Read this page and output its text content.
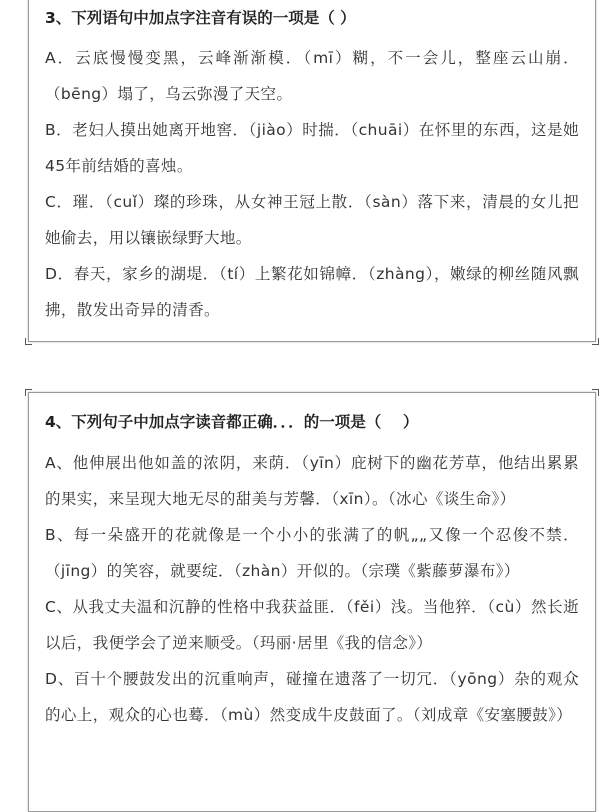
3、下列语句中加点字注音有误的一项是（ ）

A．云底慢慢变黑，云峰渐渐模．（mī）糊，不一会儿，整座云山崩．（bēng）塌了，乌云弥漫了天空。

B．老妇人摸出她离开地窖．（jiào）时揣．（chuāi）在怀里的东西，这是她45年前结婚的喜烛。

C．璀．（cuǐ）璨的珍珠，从女神王冠上散．（sàn）落下来，清晨的女儿把她偷去，用以镶嵌绿野大地。

D．春天，家乡的湖堤．（tí）上繁花如锦幛．（zhàng），嫩绿的柳丝随风飘拂，散发出奇异的清香。

4、下列句子中加点字读音都正确．．．的一项是（    ）

A、他伸展出他如盖的浓阴，来荫．（yīn）庇树下的幽花芳草，他结出累累的果实，来呈现大地无尽的甜美与芳馨．（xīn）。（冰心《谈生命》）

B、每一朵盛开的花就像是一个小小的张满了的帆„„又像一个忍俊不禁．（jīng）的笑容，就要绽．（zhàn）开似的。（宗璞《紫藤萝瀑布》）

C、从我丈夫温和沉静的性格中我获益匪．（fěi）浅。当他猝．（cù）然长逝以后，我便学会了逆来顺受。（玛丽·居里《我的信念》）

D、百十个腰鼓发出的沉重响声，碰撞在遗落了一切冗．（yōng）杂的观众的心上，观众的心也蓦．（mù）然变成牛皮鼓面了。（刘成章《安塞腰鼓》）
